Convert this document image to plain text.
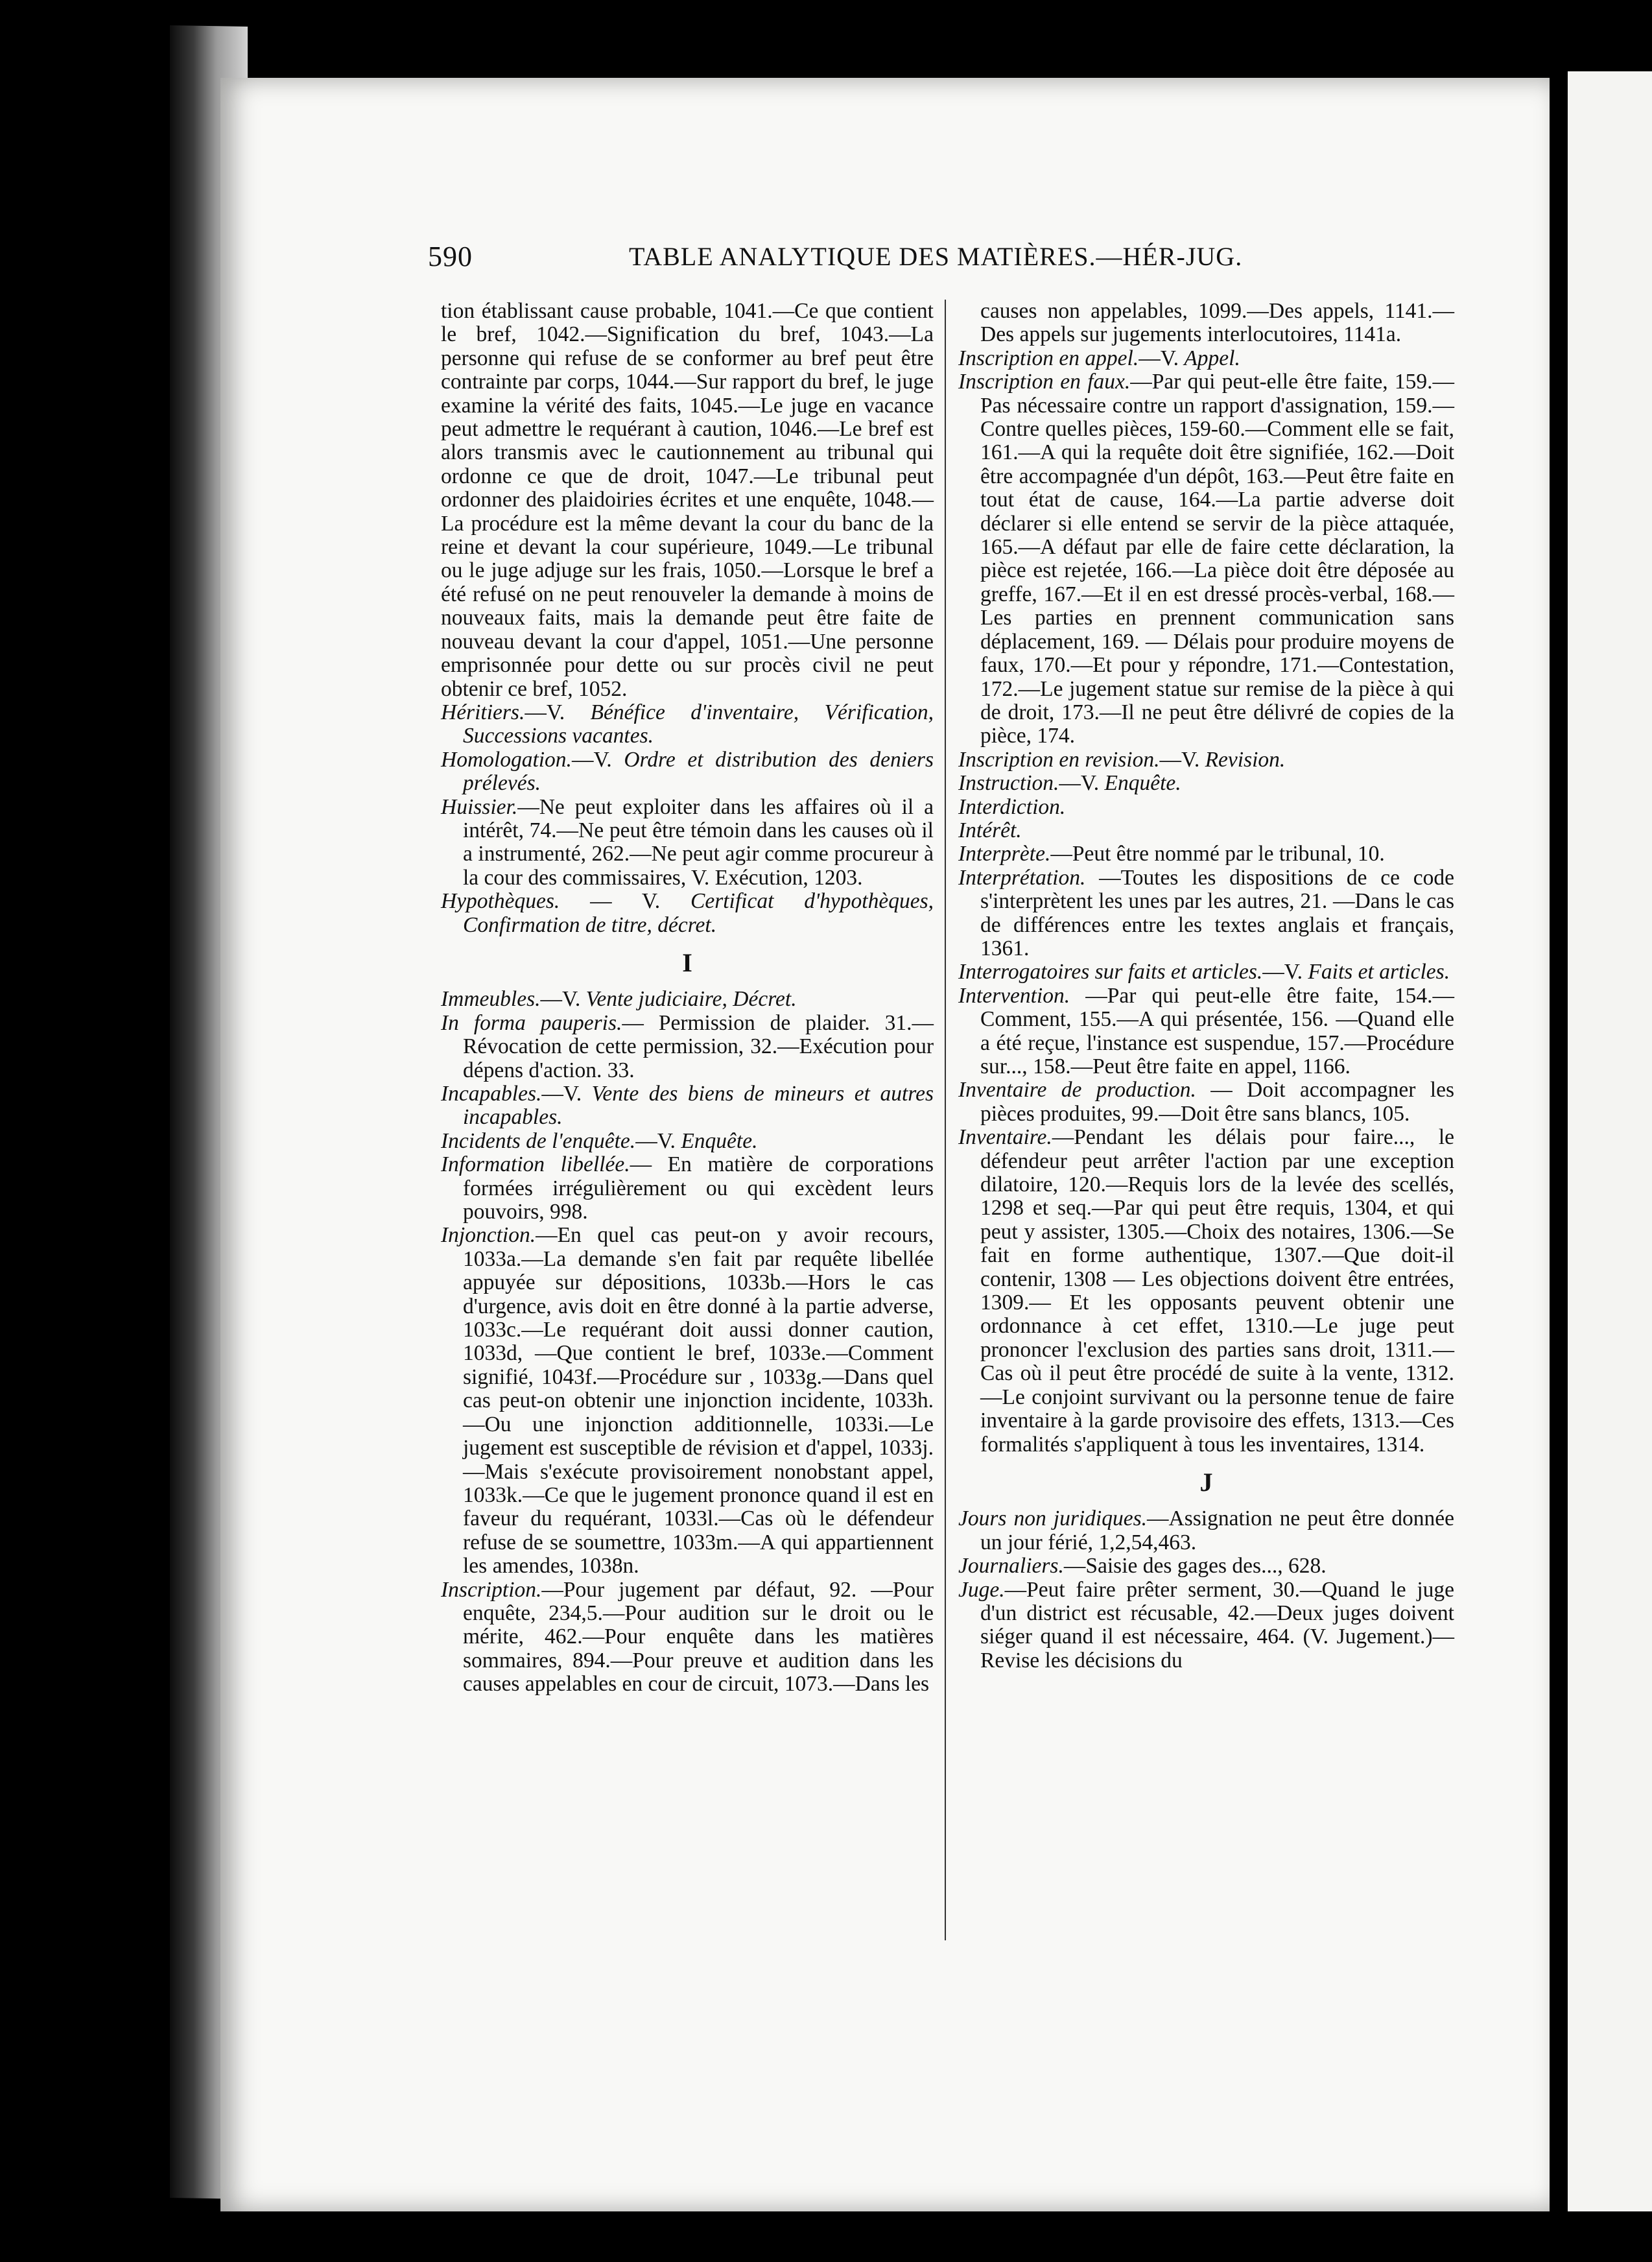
590	TABLE ANALYTIQUE DES MATIÈRES.—HÉR-JUG.

tion établissant cause probable, 1041.—Ce que contient le bref, 1042.—Signification du bref, 1043.—La personne qui refuse de se conformer au bref peut être contrainte par corps, 1044.—Sur rapport du bref, le juge examine la vérité des faits, 1045.—Le juge en vacance peut admettre le requérant à caution, 1046.—Le bref est alors transmis avec le cautionnement au tribunal qui ordonne ce que de droit, 1047.—Le tribunal peut ordonner des plaidoiries écrites et une enquête, 1048.—La procédure est la même devant la cour du banc de la reine et devant la cour supérieure, 1049.—Le tribunal ou le juge adjuge sur les frais, 1050.—Lorsque le bref a été refusé on ne peut renouveler la demande à moins de nouveaux faits, mais la demande peut être faite de nouveau devant la cour d'appel, 1051.—Une personne emprisonnée pour dette ou sur procès civil ne peut obtenir ce bref, 1052.

Héritiers.—V. Bénéfice d'inventaire, Vérification, Successions vacantes.

Homologation.—V. Ordre et distribution des deniers prélevés.

Huissier.—Ne peut exploiter dans les affaires où il a intérêt, 74.—Ne peut être témoin dans les causes où il a instrumenté, 262.—Ne peut agir comme procureur à la cour des commissaires, V. Exécution, 1203.

Hypothèques. — V. Certificat d'hypothèques, Confirmation de titre, décret.

I

Immeubles.—V. Vente judiciaire, Décret.

In forma pauperis.— Permission de plaider. 31.—Révocation de cette permission, 32.—Exécution pour dépens d'action. 33.

Incapables.—V. Vente des biens de mineurs et autres incapables.

Incidents de l'enquête.—V. Enquête.

Information libellée.— En matière de corporations formées irrégulièrement ou qui excèdent leurs pouvoirs, 998.

Injonction.—En quel cas peut-on y avoir recours, 1033a.—La demande s'en fait par requête libellée appuyée sur dépositions, 1033b.—Hors le cas d'urgence, avis doit en être donné à la partie adverse, 1033c.—Le requérant doit aussi donner caution, 1033d, —Que contient le bref, 1033e.—Comment signifié, 1043f.—Procédure sur , 1033g.—Dans quel cas peut-on obtenir une injonction incidente, 1033h.—Ou une injonction additionnelle, 1033i.—Le jugement est susceptible de révision et d'appel, 1033j.—Mais s'exécute provisoirement nonobstant appel, 1033k.—Ce que le jugement prononce quand il est en faveur du requérant, 1033l.—Cas où le défendeur refuse de se soumettre, 1033m.—A qui appartiennent les amendes, 1038n.

Inscription.—Pour jugement par défaut, 92. —Pour enquête, 234,5.—Pour audition sur le droit ou le mérite, 462.—Pour enquête dans les matières sommaires, 894.—Pour preuve et audition dans les causes appelables en cour de circuit, 1073.—Dans les

causes non appelables, 1099.—Des appels, 1141.—Des appels sur jugements interlocutoires, 1141a.

Inscription en appel.—V. Appel.

Inscription en faux.—Par qui peut-elle être faite, 159.—Pas nécessaire contre un rapport d'assignation, 159.—Contre quelles pièces, 159-60.—Comment elle se fait, 161.—A qui la requête doit être signifiée, 162.—Doit être accompagnée d'un dépôt, 163.—Peut être faite en tout état de cause, 164.—La partie adverse doit déclarer si elle entend se servir de la pièce attaquée, 165.—A défaut par elle de faire cette déclaration, la pièce est rejetée, 166.—La pièce doit être déposée au greffe, 167.—Et il en est dressé procès-verbal, 168.—Les parties en prennent communication sans déplacement, 169. — Délais pour produire moyens de faux, 170.—Et pour y répondre, 171.—Contestation, 172.—Le jugement statue sur remise de la pièce à qui de droit, 173.—Il ne peut être délivré de copies de la pièce, 174.

Inscription en revision.—V. Revision.

Instruction.—V. Enquête.

Interdiction.

Intérêt.

Interprète.—Peut être nommé par le tribunal, 10.

Interprétation. —Toutes les dispositions de ce code s'interprètent les unes par les autres, 21. —Dans le cas de différences entre les textes anglais et français, 1361.

Interrogatoires sur faits et articles.—V. Faits et articles.

Intervention. —Par qui peut-elle être faite, 154.—Comment, 155.—A qui présentée, 156. —Quand elle a été reçue, l'instance est suspendue, 157.—Procédure sur..., 158.—Peut être faite en appel, 1166.

Inventaire de production. — Doit accompagner les pièces produites, 99.—Doit être sans blancs, 105.

Inventaire.—Pendant les délais pour faire..., le défendeur peut arrêter l'action par une exception dilatoire, 120.—Requis lors de la levée des scellés, 1298 et seq.—Par qui peut être requis, 1304, et qui peut y assister, 1305.—Choix des notaires, 1306.—Se fait en forme authentique, 1307.—Que doit-il contenir, 1308 — Les objections doivent être entrées, 1309.— Et les opposants peuvent obtenir une ordonnance à cet effet, 1310.—Le juge peut prononcer l'exclusion des parties sans droit, 1311.—Cas où il peut être procédé de suite à la vente, 1312.—Le conjoint survivant ou la personne tenue de faire inventaire à la garde provisoire des effets, 1313.—Ces formalités s'appliquent à tous les inventaires, 1314.

J

Jours non juridiques.—Assignation ne peut être donnée un jour férié, 1,2,54,463.

Journaliers.—Saisie des gages des..., 628.

Juge.—Peut faire prêter serment, 30.—Quand le juge d'un district est récusable, 42.—Deux juges doivent siéger quand il est nécessaire, 464. (V. Jugement.)—Revise les décisions du
